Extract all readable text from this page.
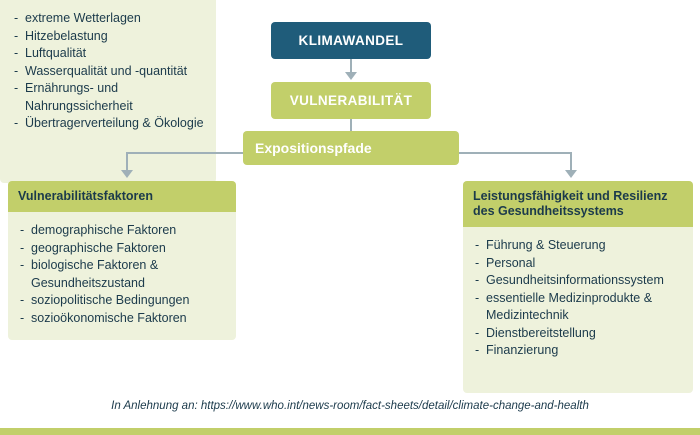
KLIMAWANDEL
VULNERABILITÄT
Expositionspfade
- extreme Wetterlagen
- Hitzebelastung
- Luftqualität
- Wasserqualität und -quantität
- Ernährungs- und Nahrungssicherheit
- Übertragerverteilung & Ökologie
Vulnerabilitätsfaktoren
- demographische Faktoren
- geographische Faktoren
- biologische Faktoren & Gesundheitszustand
- soziopolitische Bedingungen
- sozioökonomische Faktoren
Leistungsfähigkeit und Resilienz des Gesundheitssystems
- Führung & Steuerung
- Personal
- Gesundheitsinformationssystem
- essentielle Medizinprodukte & Medizintechnik
- Dienstbereitstellung
- Finanzierung
In Anlehnung an: https://www.who.int/news-room/fact-sheets/detail/climate-change-and-health
